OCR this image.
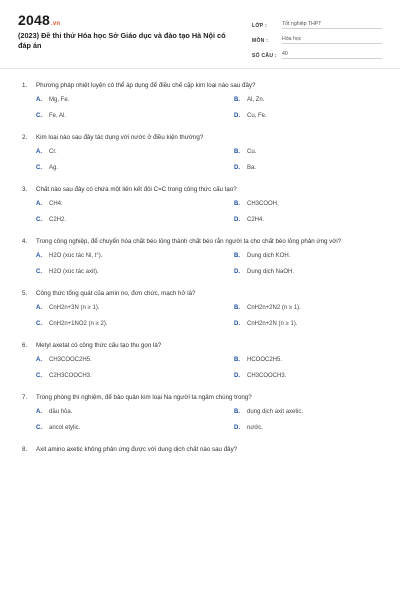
2048.vn
(2023) Đề thi thử Hóa học Sở Giáo dục và đào tạo Hà Nội có đáp án
LỚP :	Tốt nghiệp THPT
MÔN :	Hóa học
SỐ CÂU : 40
1.	Phương pháp nhiệt luyện có thể áp dụng để điều chế cặp kim loại nào sau đây?
A.	Mg, Fe.	B.	Al, Zn.
C.	Fe, Al.	D.	Cu, Fe.
2.	Kim loại nào sau đây tác dụng với nước ở điều kiện thường?
A.	Cr.	B.	Cu.
C.	Ag.	D.	Ba.
3.	Chất nào sau đây có chứa một liên kết đôi C=C trong công thức cấu tạo?
A.	CH4.	B.	CH3COOH.
C.	C2H2.	D.	C2H4.
4.	Trong công nghiệp, để chuyển hóa chất béo lỏng thành chất béo rắn người ta cho chất béo lỏng phản ứng với?
A.	H2O (xúc tác Ni, t°).	B.	Dung dịch KOH.
C.	H2O (xúc tác axit).	D.	Dung dịch NaOH.
5.	Công thức tổng quát của amin no, đơn chức, mạch hở là?
A.	CnH2n+3N (n ≥ 1).	B.	CnH2n+2N2 (n ≥ 1).
C.	CnH2n+1NO2 (n ≥ 2).	D.	CnH2n+2N (n ≥ 1).
6.	Metyl axetat có công thức cấu tạo thu gọn là?
A.	CH3COOC2H5.	B.	HCOOC2H5.
C.	C2H3COOCH3.	D.	CH3COOCH3.
7.	Trong phòng thí nghiệm, để bảo quản kim loại Na người ta ngâm chúng trong?
A.	dầu hỏa.	B.	dung dịch axit axetic.
C.	ancol etylic.	D.	nước.
8.	Axit amino axetic không phản ứng được với dung dịch chất nào sau đây?
